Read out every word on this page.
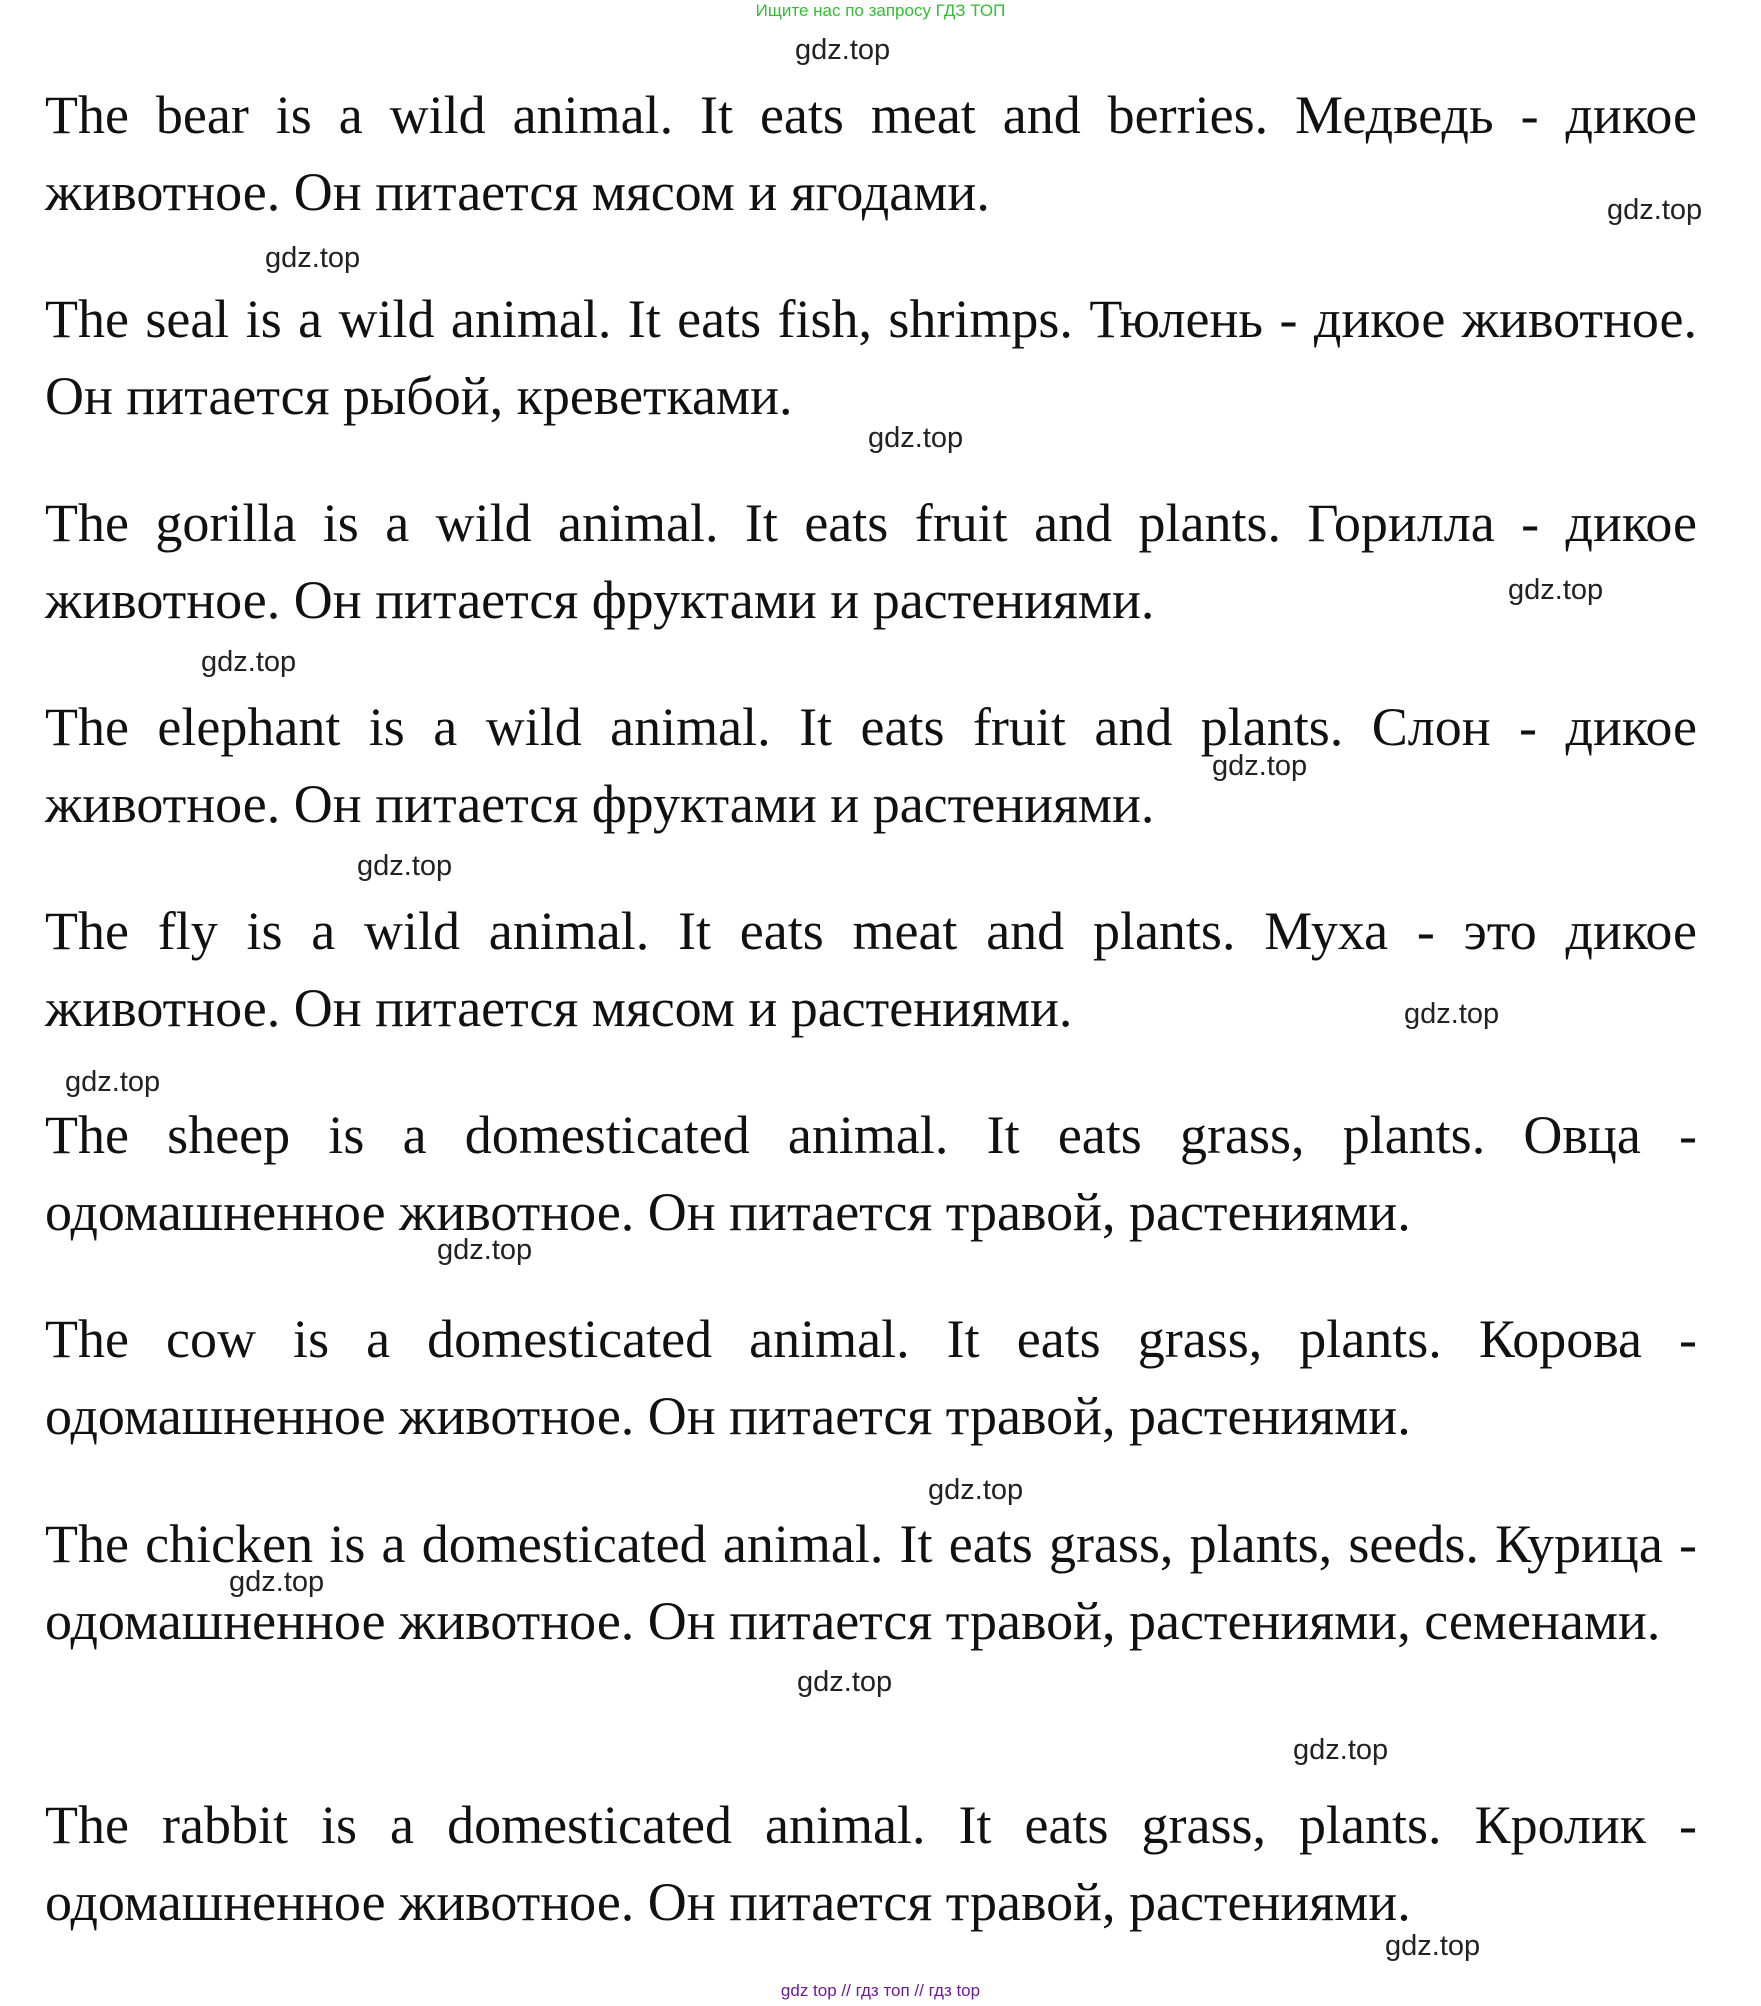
Ищите нас по запросу ГДЗ ТОП

The bear is a wild animal. It eats meat and berries. Медведь - дикое животное. Он питается мясом и ягодами.

The seal is a wild animal. It eats fish, shrimps. Тюлень - дикое животное. Он питается рыбой, креветками.

The gorilla is a wild animal. It eats fruit and plants. Горилла - дикое животное. Он питается фруктами и растениями.

The elephant is a wild animal. It eats fruit and plants. Слон - дикое животное. Он питается фруктами и растениями.

The fly is a wild animal. It eats meat and plants. Муха - это дикое животное. Он питается мясом и растениями.

The sheep is a domesticated animal. It eats grass, plants. Овца - одомашненное животное. Он питается травой, растениями.

The cow is a domesticated animal. It eats grass, plants. Корова - одомашненное животное. Он питается травой, растениями.

The chicken is a domesticated animal. It eats grass, plants, seeds. Курица - одомашненное животное. Он питается травой, растениями, семенами.

The rabbit is a domesticated animal. It eats grass, plants. Кролик - одомашненное животное. Он питается травой, растениями.

gdz.top
gdz.top
gdz.top
gdz.top
gdz.top
gdz.top
gdz.top
gdz.top
gdz.top
gdz.top
gdz.top
gdz.top
gdz.top
gdz.top
gdz.top
gdz.top
gdz top // гдз топ // гдз top
